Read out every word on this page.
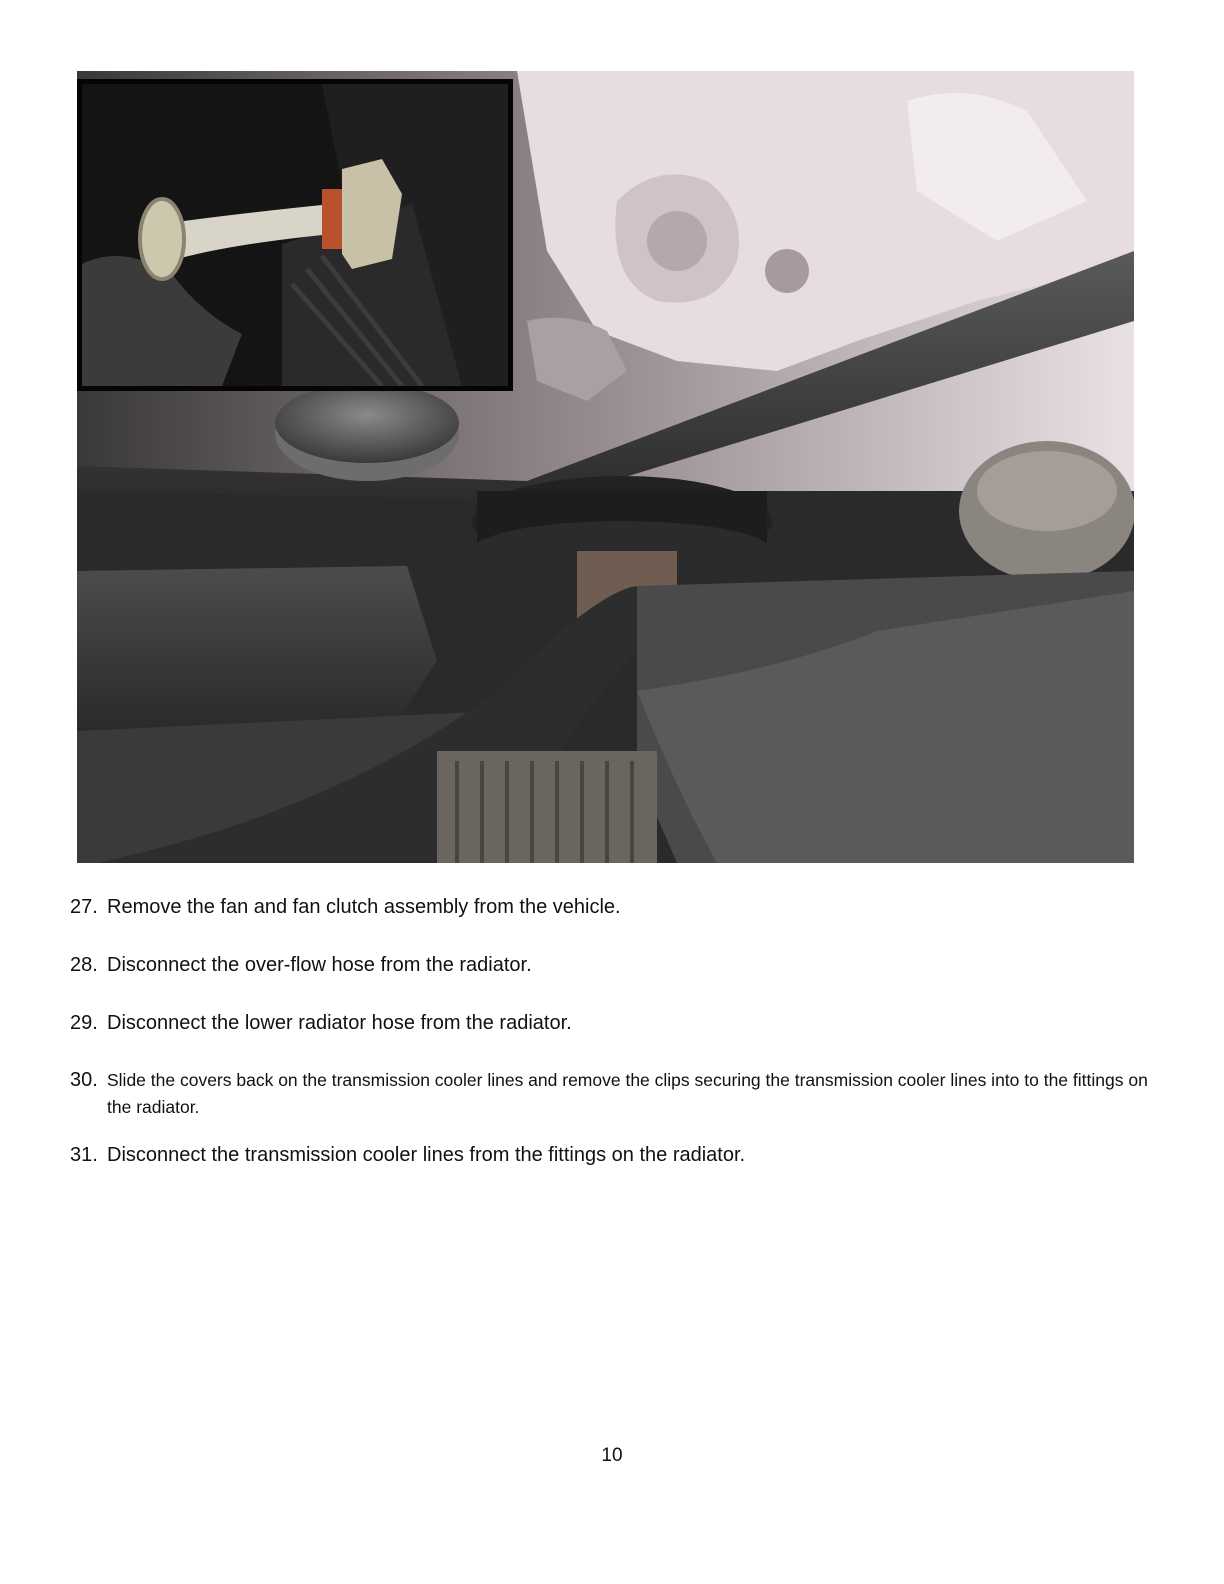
27. Remove the fan and fan clutch assembly from the vehicle.
28. Disconnect the over-flow hose from the radiator.
29. Disconnect the lower radiator hose from the radiator.
30. Slide the covers back on the transmission cooler lines and remove the clips securing the transmission cooler lines into to the fittings on the radiator.
31. Disconnect the transmission cooler lines from the fittings on the radiator.
10
